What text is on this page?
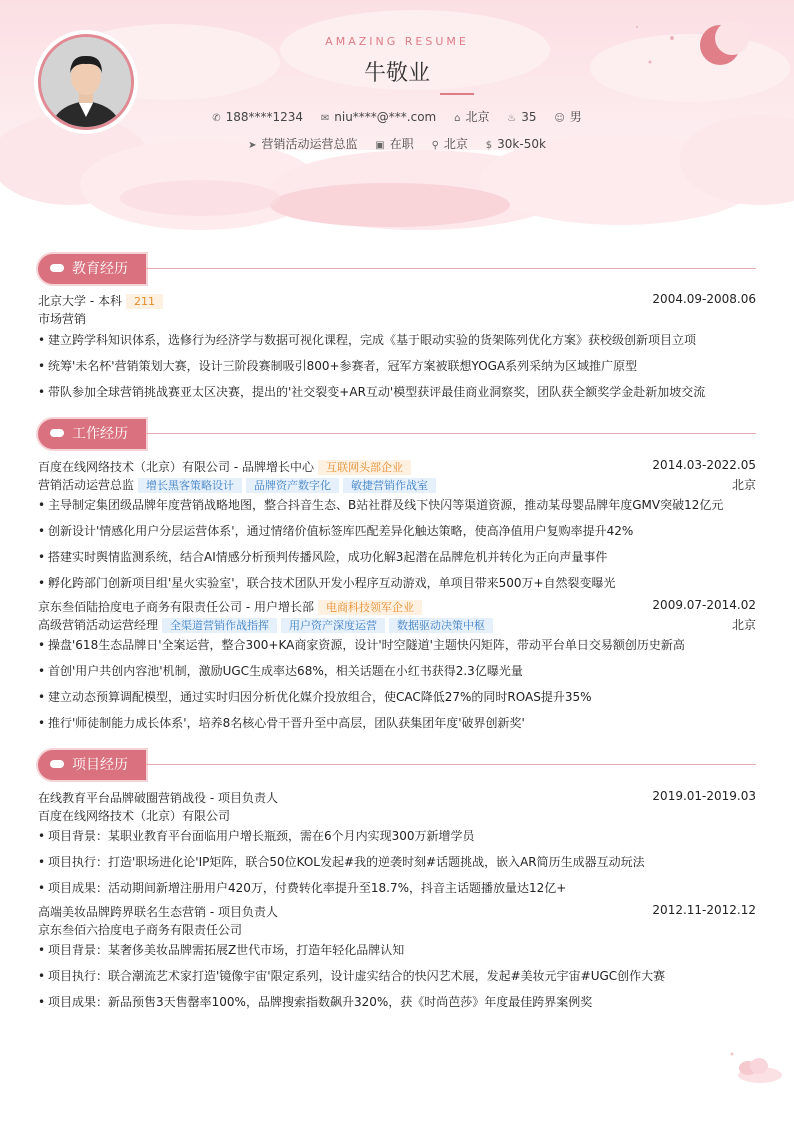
AMAZING RESUME
牛敬业
✆ 188****1234 ✉ niu****@***.com ⌂ 北京 ♨ 35 ☺ 男
➤ 营销活动运营总监 ▣ 在职 ⚲ 北京 $ 30k-50k
教育经历
北京大学 - 本科 211	2004.09-2008.06
市场营销
• 建立跨学科知识体系，选修行为经济学与数据可视化课程，完成《基于眼动实验的货架陈列优化方案》获校级创新项目立项
• 统筹'未名杯'营销策划大赛，设计三阶段赛制吸引800+参赛者，冠军方案被联想YOGA系列采纳为区域推广原型
• 带队参加全球营销挑战赛亚太区决赛，提出的'社交裂变+AR互动'模型获评最佳商业洞察奖，团队获全额奖学金赴新加坡交流
工作经历
百度在线网络技术（北京）有限公司 - 品牌增长中心 互联网头部企业	2014.03-2022.05
营销活动运营总监 增长黑客策略设计 品牌资产数字化 敏捷营销作战室	北京
• 主导制定集团级品牌年度营销战略地图，整合抖音生态、B站社群及线下快闪等渠道资源，推动某母婴品牌年度GMV突破12亿元
• 创新设计'情感化用户分层运营体系'，通过情绪价值标签库匹配差异化触达策略，使高净值用户复购率提升42%
• 搭建实时舆情监测系统，结合AI情感分析预判传播风险，成功化解3起潜在品牌危机并转化为正向声量事件
• 孵化跨部门创新项目组'星火实验室'，联合技术团队开发小程序互动游戏，单项目带来500万+自然裂变曝光
京东叁佰陆拾度电子商务有限责任公司 - 用户增长部 电商科技领军企业	2009.07-2014.02
高级营销活动运营经理 全渠道营销作战指挥 用户资产深度运营 数据驱动决策中枢	北京
• 操盘'618生态品牌日'全案运营，整合300+KA商家资源，设计'时空隧道'主题快闪矩阵，带动平台单日交易额创历史新高
• 首创'用户共创内容池'机制，激励UGC生成率达68%，相关话题在小红书获得2.3亿曝光量
• 建立动态预算调配模型，通过实时归因分析优化媒介投放组合，使CAC降低27%的同时ROAS提升35%
• 推行'师徒制能力成长体系'，培养8名核心骨干晋升至中高层，团队获集团年度'破界创新奖'
项目经历
在线教育平台品牌破圈营销战役 - 项目负责人	2019.01-2019.03
百度在线网络技术（北京）有限公司
• 项目背景：某职业教育平台面临用户增长瓶颈，需在6个月内实现300万新增学员
• 项目执行：打造'职场进化论'IP矩阵，联合50位KOL发起#我的逆袭时刻#话题挑战，嵌入AR简历生成器互动玩法
• 项目成果：活动期间新增注册用户420万，付费转化率提升至18.7%，抖音主话题播放量达12亿+
高端美妆品牌跨界联名生态营销 - 项目负责人	2012.11-2012.12
京东叁佰六拾度电子商务有限责任公司
• 项目背景：某奢侈美妆品牌需拓展Z世代市场，打造年轻化品牌认知
• 项目执行：联合潮流艺术家打造'镜像宇宙'限定系列，设计虚实结合的快闪艺术展，发起#美妆元宇宙#UGC创作大赛
• 项目成果：新品预售3天售罄率100%，品牌搜索指数飙升320%，获《时尚芭莎》年度最佳跨界案例奖
